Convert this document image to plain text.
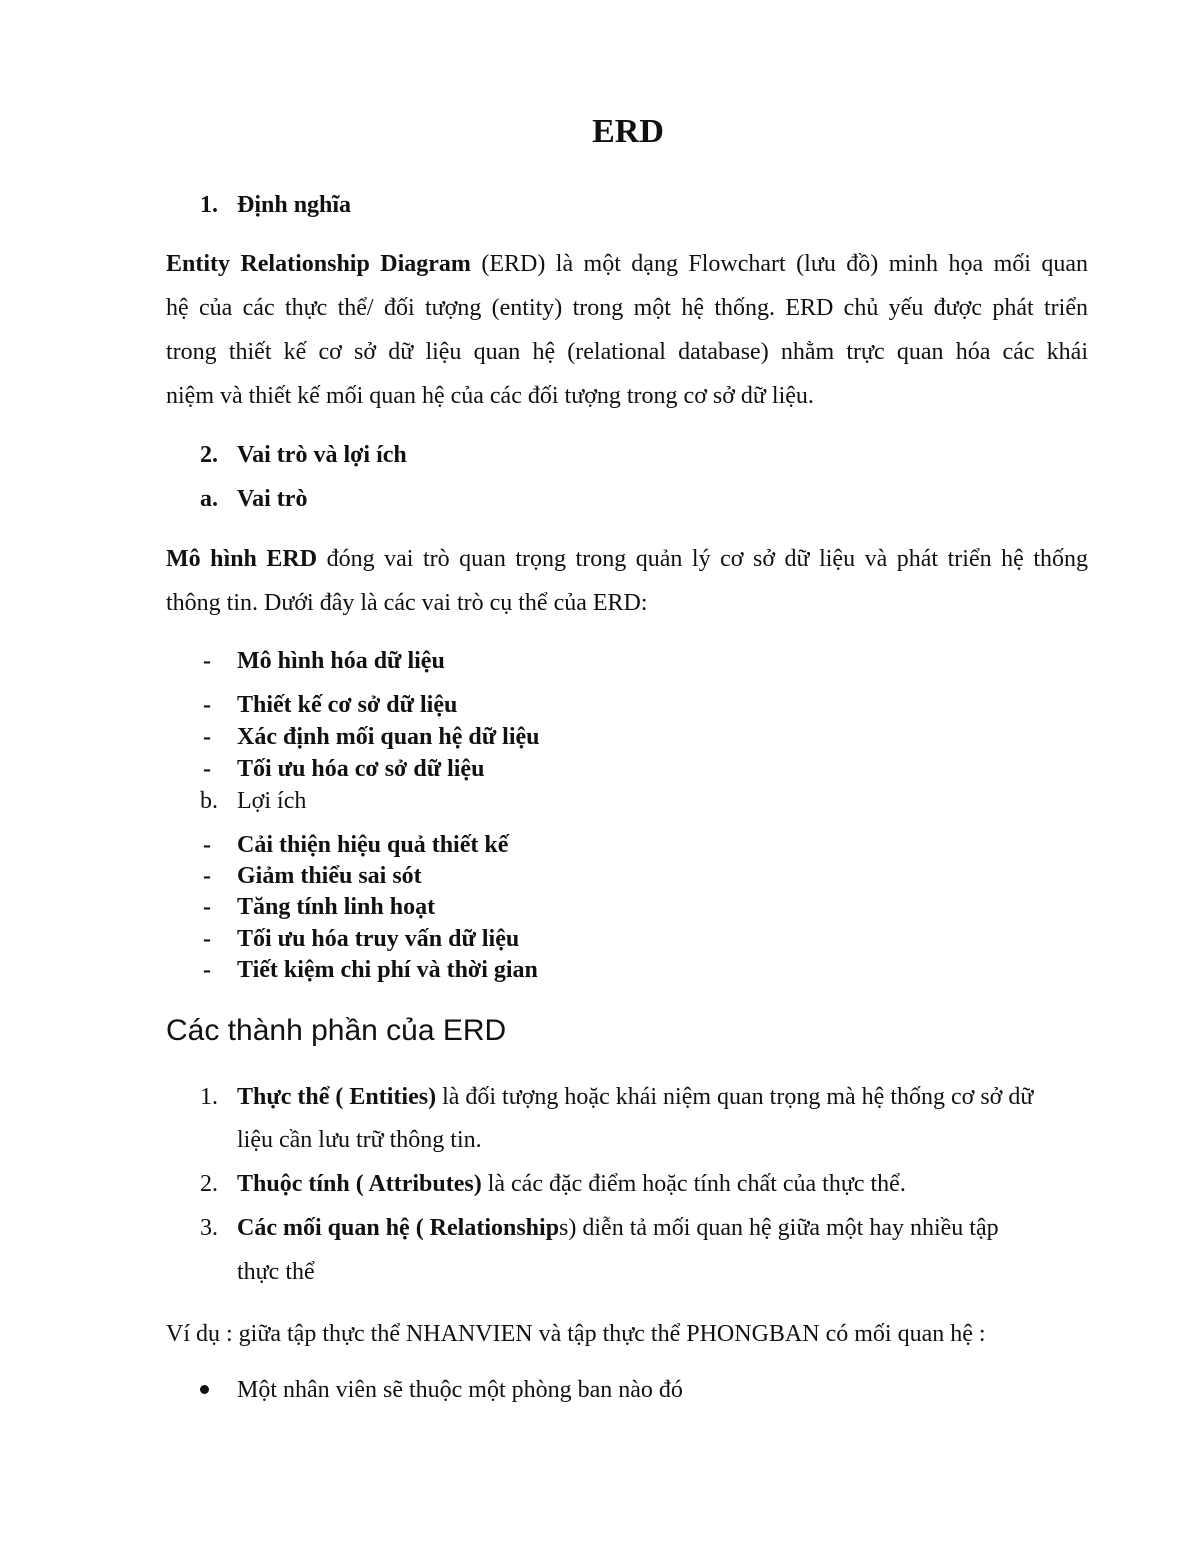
ERD
1. Định nghĩa
Entity Relationship Diagram (ERD) là một dạng Flowchart (lưu đồ) minh họa mối quan
hệ của các thực thể/ đối tượng (entity) trong một hệ thống. ERD chủ yếu được phát triển
trong thiết kế cơ sở dữ liệu quan hệ (relational database) nhằm trực quan hóa các khái
niệm và thiết kế mối quan hệ của các đối tượng trong cơ sở dữ liệu.
2. Vai trò và lợi ích
a. Vai trò
Mô hình ERD đóng vai trò quan trọng trong quản lý cơ sở dữ liệu và phát triển hệ thống
thông tin. Dưới đây là các vai trò cụ thể của ERD:
- Mô hình hóa dữ liệu
- Thiết kế cơ sở dữ liệu
- Xác định mối quan hệ dữ liệu
- Tối ưu hóa cơ sở dữ liệu
b. Lợi ích
- Cải thiện hiệu quả thiết kế
- Giảm thiểu sai sót
- Tăng tính linh hoạt
- Tối ưu hóa truy vấn dữ liệu
- Tiết kiệm chi phí và thời gian
Các thành phần của ERD
1. Thực thể ( Entities) là đối tượng hoặc khái niệm quan trọng mà hệ thống cơ sở dữ
liệu cần lưu trữ thông tin.
2. Thuộc tính ( Attributes) là các đặc điểm hoặc tính chất của thực thể.
3. Các mối quan hệ ( Relationships) diễn tả mối quan hệ giữa một hay nhiều tập
thực thể
Ví dụ : giữa tập thực thể NHANVIEN và tập thực thể PHONGBAN có mối quan hệ :
Một nhân viên sẽ thuộc một phòng ban nào đó
